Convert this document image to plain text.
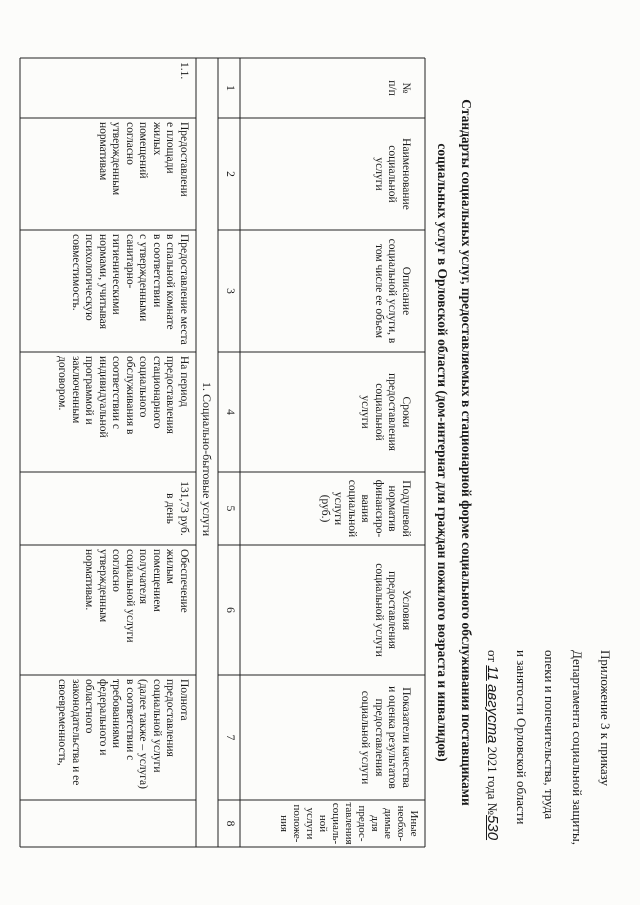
Приложение 3 к приказу
Департамента социальной защиты,
опеки и попечительства, труда
и занятости Орловской области
от 11 августа 2021 года №530
Стандарты социальных услуг, предоставляемых в стационарной форме социального обслуживания поставщиками
социальных услуг в Орловской области (дом-интернат для граждан пожилого возраста и инвалидов)
№
п/п
Наименование
социальной
услуги
Описание
социальной услуги, в
том числе ее объем
Сроки
предоставления
социальной
услуги
Подушевой
норматив
финансиро-
вания
социальной
услуги
(руб.)
Условия
предоставления
социальной услуги
Показатели качества
и оценка результатов
предоставления
социальной услуги
Иные
необхо-
димые
для
предос-
тавления
социаль-
ной
услуги
положе-
ния
1
2
3
4
5
6
7
8
1. Социально-бытовые услуги
1.1.
Предоставлени
е площади
жилых
помещений
согласно
утвержденным
нормативам
Предоставление места
в спальной комнате
в соответствии
с утвержденными
санитарно-
гигиеническими
нормами, учитывая
психологическую
совместимость.
На период
предоставления
стационарного
социального
обслуживания в
соответствии с
индивидуальной
программой и
заключенным
договором.
131,73 руб.
в день
Обеспечение
жилым
помещением
получателя
социальной услуги
согласно
утвержденным
нормативам.
Полнота
предоставления
социальной услуги
(далее также – услуга)
в соответствии с
требованиями
федерального и
областного
законодательства и ее
своевременность,
